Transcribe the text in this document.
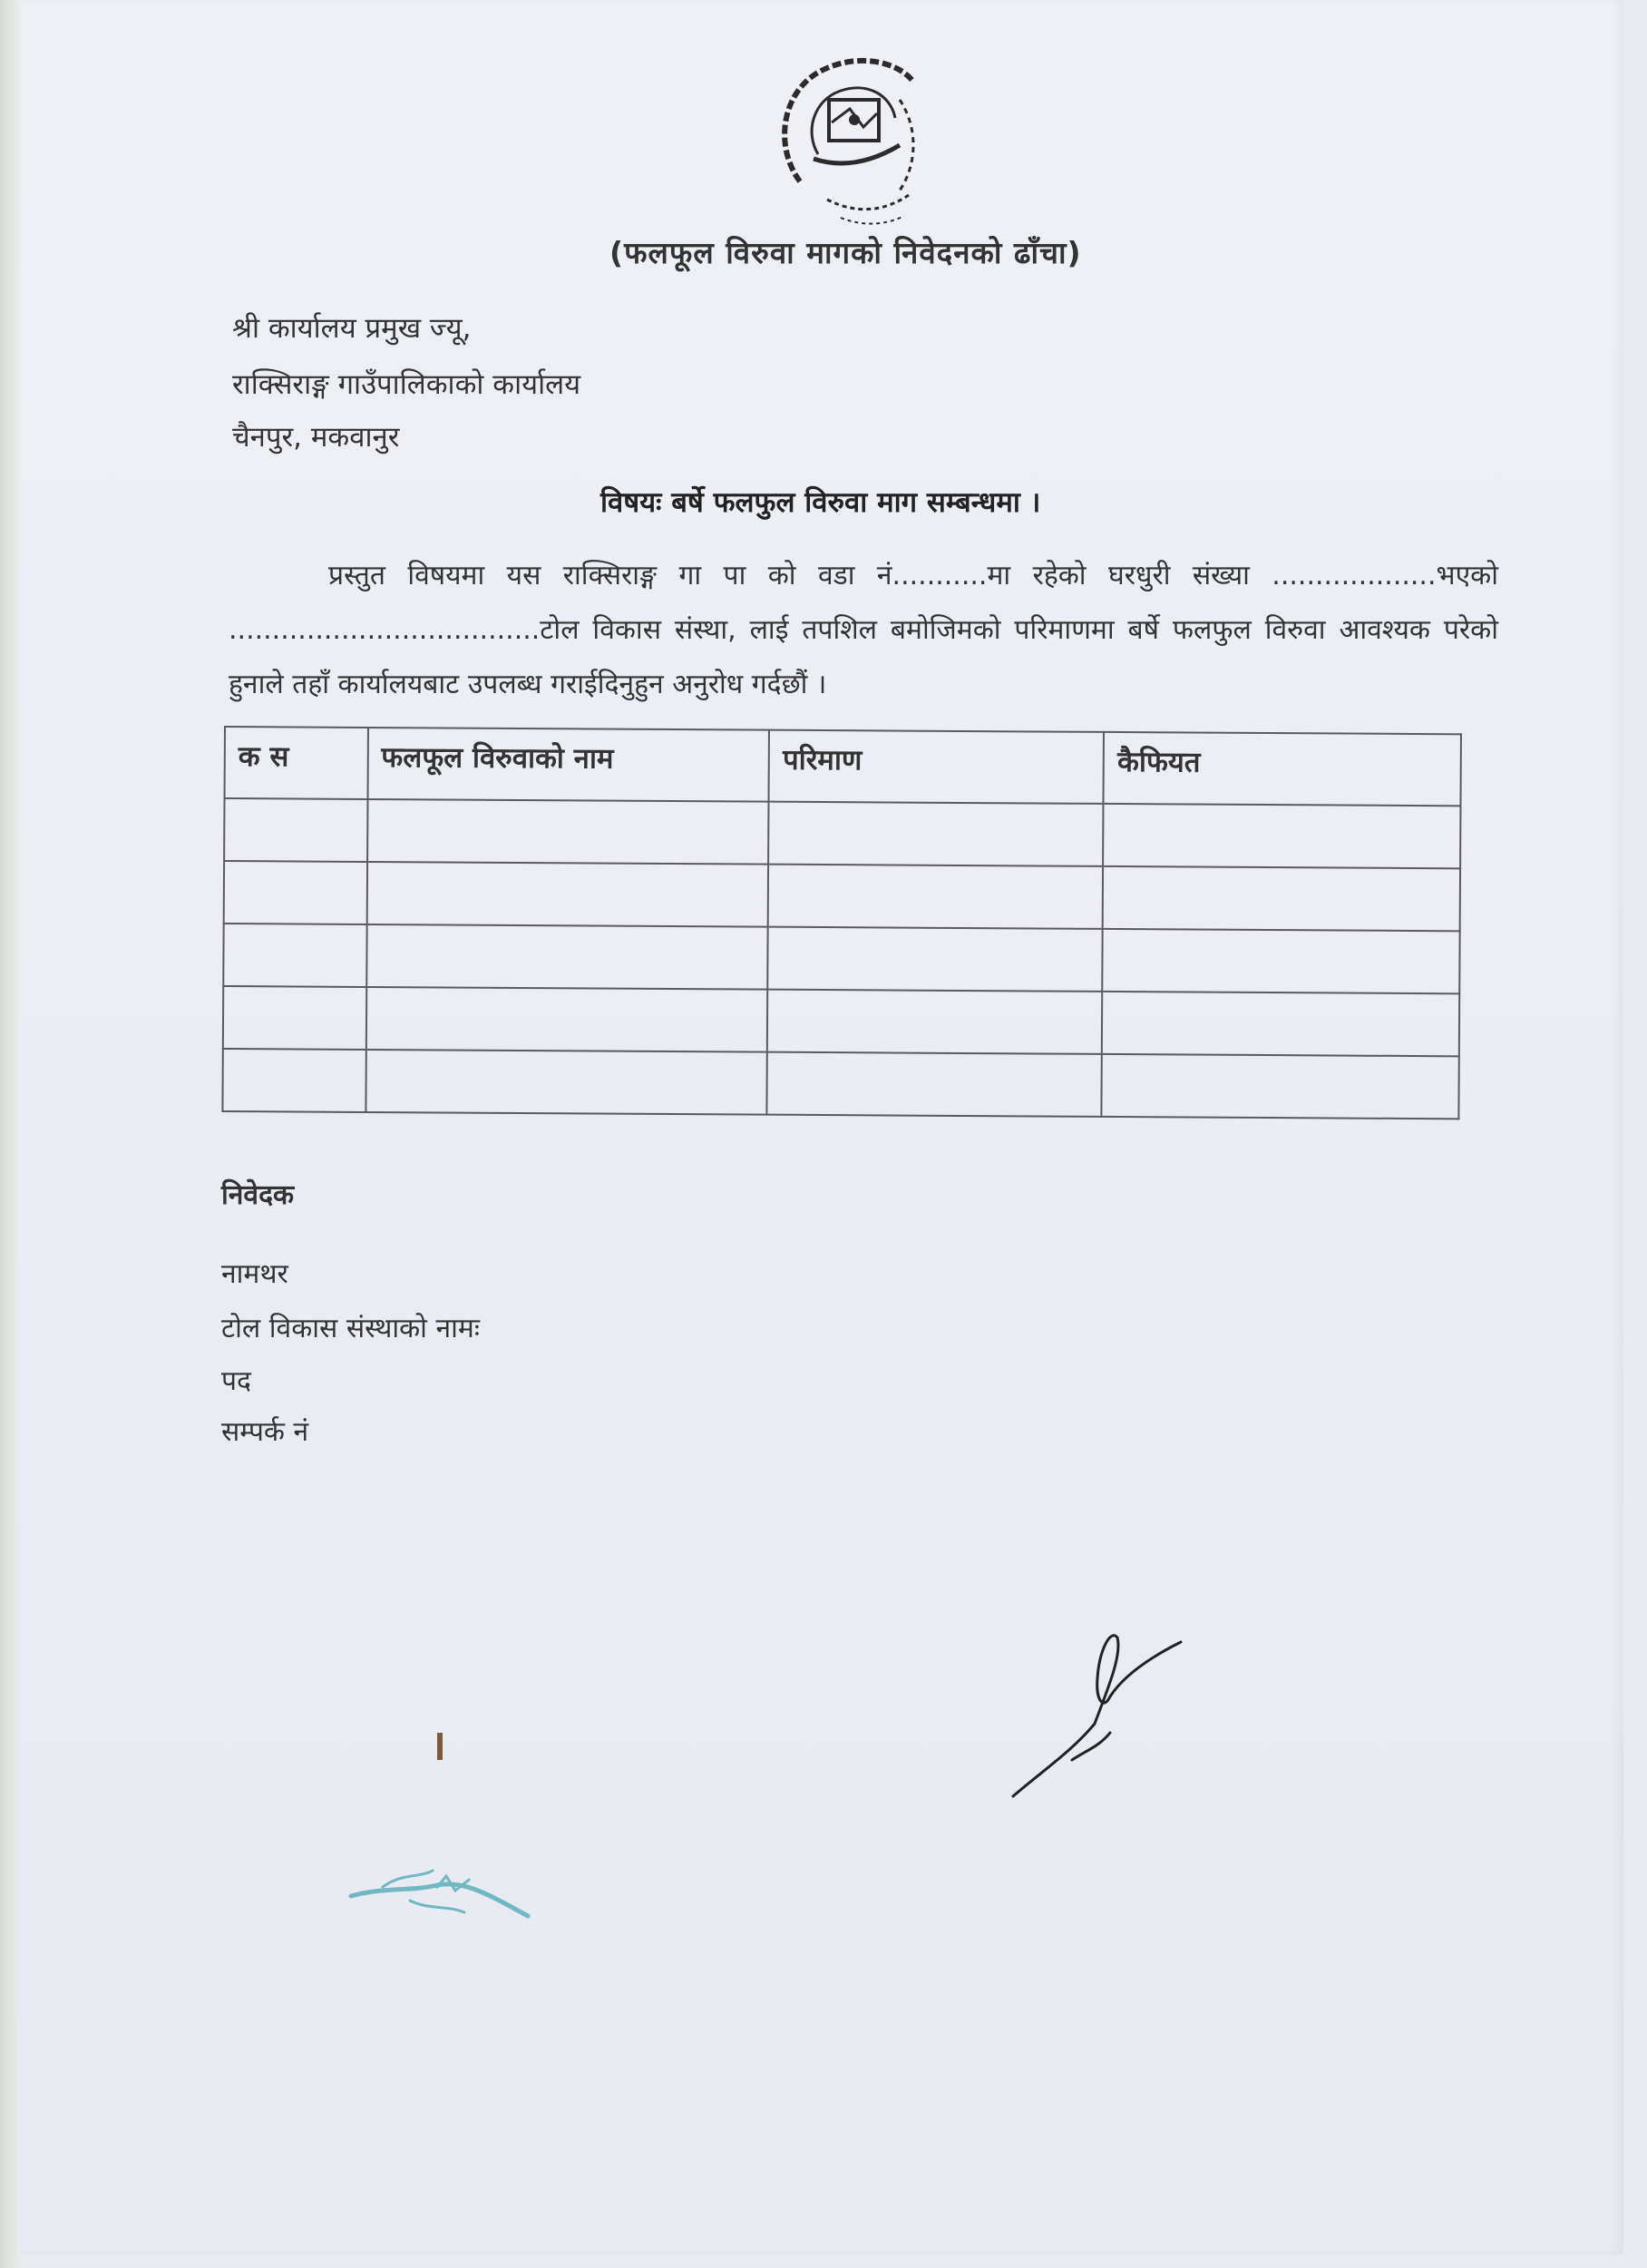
(फलफूल विरुवा मागको निवेदनको ढाँचा)
श्री कार्यालय प्रमुख ज्यू,
राक्सिराङ्ग गाउँपालिकाको कार्यालय
चैनपुर, मकवानुर
विषयः बर्षे फलफुल विरुवा माग सम्बन्धमा ।
प्रस्तुत विषयमा यस राक्सिराङ्ग गा पा को वडा नं...........मा रहेको घरधुरी संख्या ...................भएको ....................................टोल विकास संस्था, लाई तपशिल बमोजिमको परिमाणमा बर्षे फलफुल विरुवा आवश्यक परेको हुनाले तहाँ कार्यालयबाट उपलब्ध गराईदिनुहुन अनुरोध गर्दछौं ।
क स	फलफूल विरुवाको नाम	परिमाण	कैफियत

निवेदक
नामथर
टोल विकास संस्थाको नामः
पद
सम्पर्क नं
